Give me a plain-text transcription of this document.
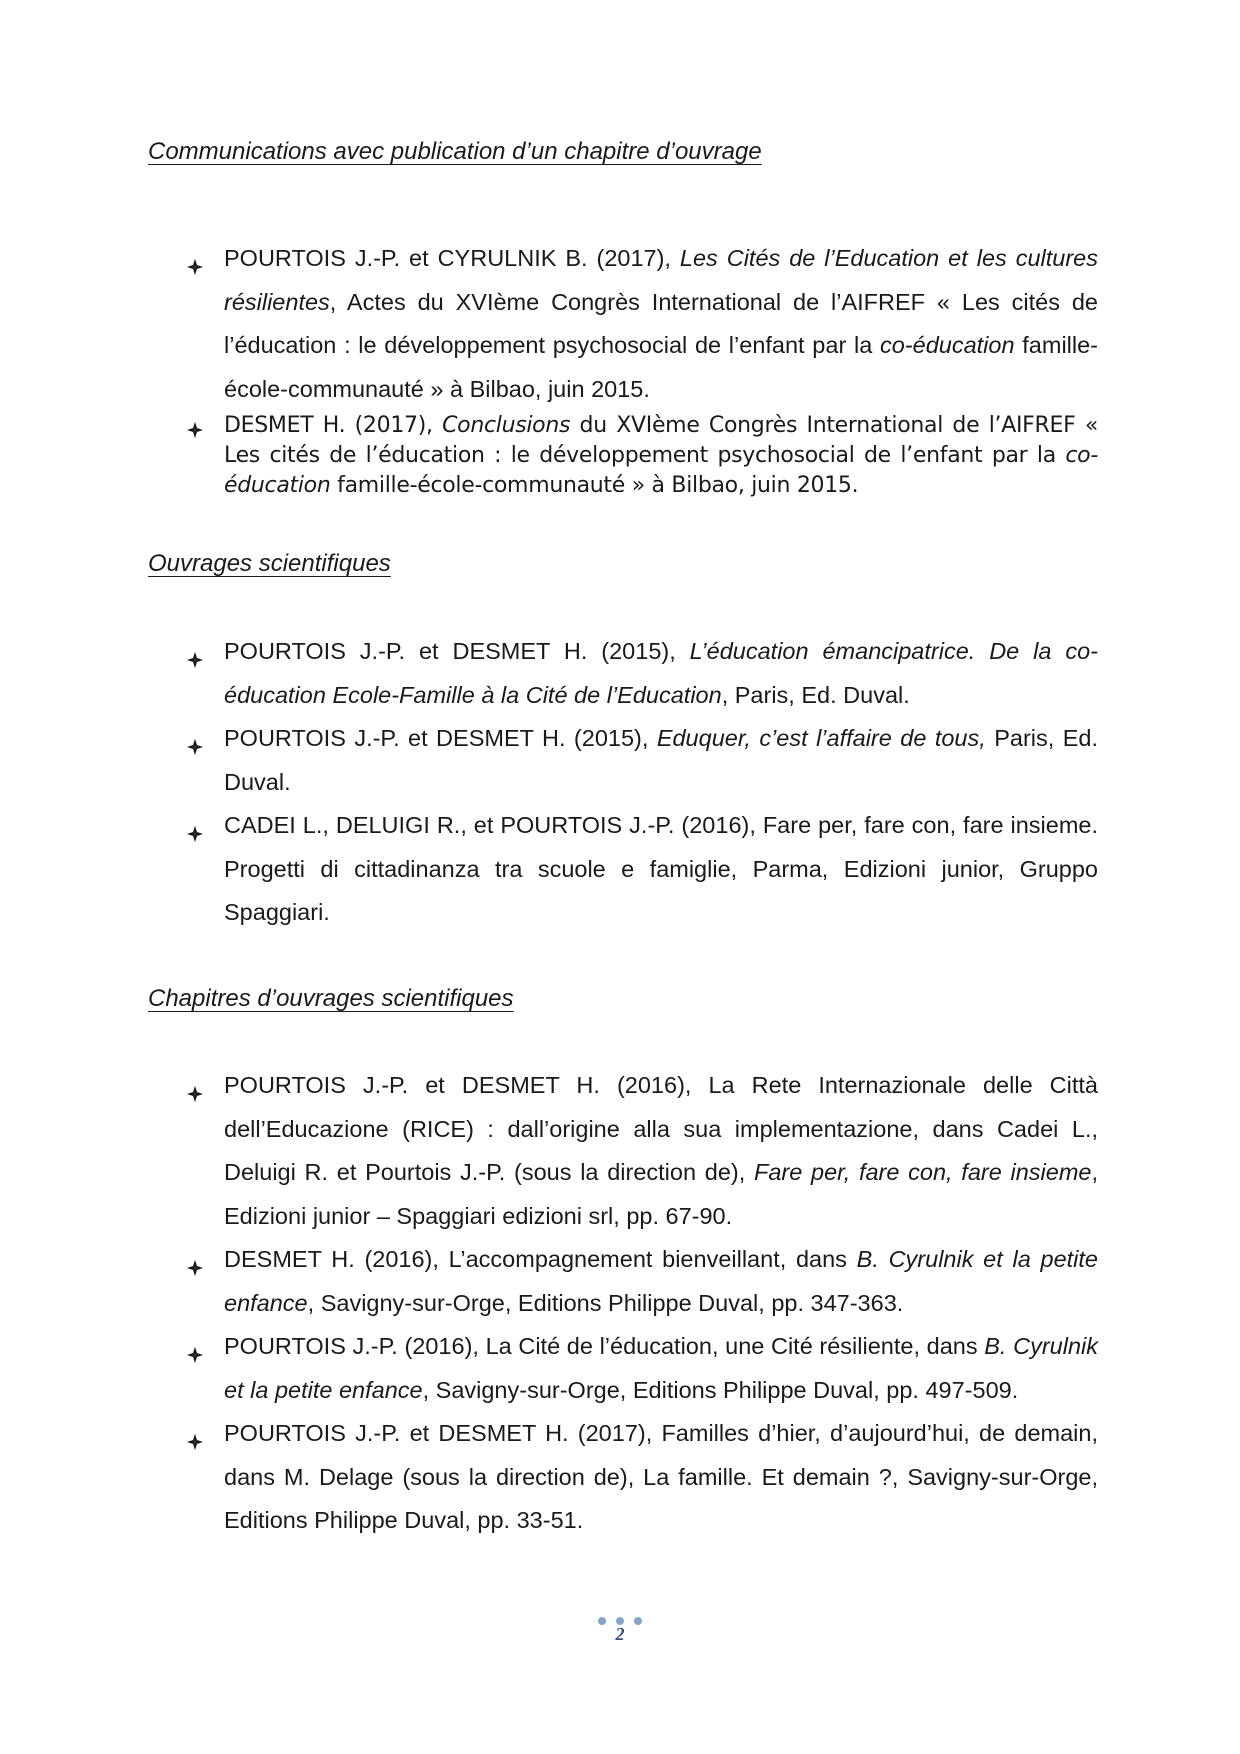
Communications avec publication d’un chapitre d’ouvrage
POURTOIS J.-P. et CYRULNIK B. (2017), Les Cités de l’Education et les cultures résilientes, Actes du XVIème Congrès International de l’AIFREF « Les cités de l’éducation : le développement psychosocial de l’enfant par la co-éducation famille-école-communauté » à Bilbao, juin 2015.
DESMET H. (2017), Conclusions du XVIème Congrès International de l’AIFREF « Les cités de l’éducation : le développement psychosocial de l’enfant par la co-éducation famille-école-communauté » à Bilbao, juin 2015.
Ouvrages scientifiques
POURTOIS J.-P. et DESMET H. (2015), L’éducation émancipatrice. De la co-éducation Ecole-Famille à la Cité de l’Education, Paris, Ed. Duval.
POURTOIS J.-P. et DESMET H. (2015), Eduquer, c’est l’affaire de tous, Paris, Ed. Duval.
CADEI L., DELUIGI R., et POURTOIS J.-P. (2016), Fare per, fare con, fare insieme. Progetti di cittadinanza tra scuole e famiglie, Parma, Edizioni junior, Gruppo Spaggiari.
Chapitres d’ouvrages scientifiques
POURTOIS J.-P. et DESMET H. (2016), La Rete Internazionale delle Città dell’Educazione (RICE) : dall’origine alla sua implementazione, dans Cadei L., Deluigi R. et Pourtois J.-P. (sous la direction de), Fare per, fare con, fare insieme, Edizioni junior – Spaggiari edizioni srl, pp. 67-90.
DESMET H. (2016), L’accompagnement bienveillant, dans B. Cyrulnik et la petite enfance, Savigny-sur-Orge, Editions Philippe Duval, pp. 347-363.
POURTOIS J.-P. (2016), La Cité de l’éducation, une Cité résiliente, dans B. Cyrulnik et la petite enfance, Savigny-sur-Orge, Editions Philippe Duval, pp. 497-509.
POURTOIS J.-P. et DESMET H. (2017), Familles d’hier, d’aujourd’hui, de demain, dans M. Delage (sous la direction de), La famille. Et demain ?, Savigny-sur-Orge, Editions Philippe Duval, pp. 33-51.
2
